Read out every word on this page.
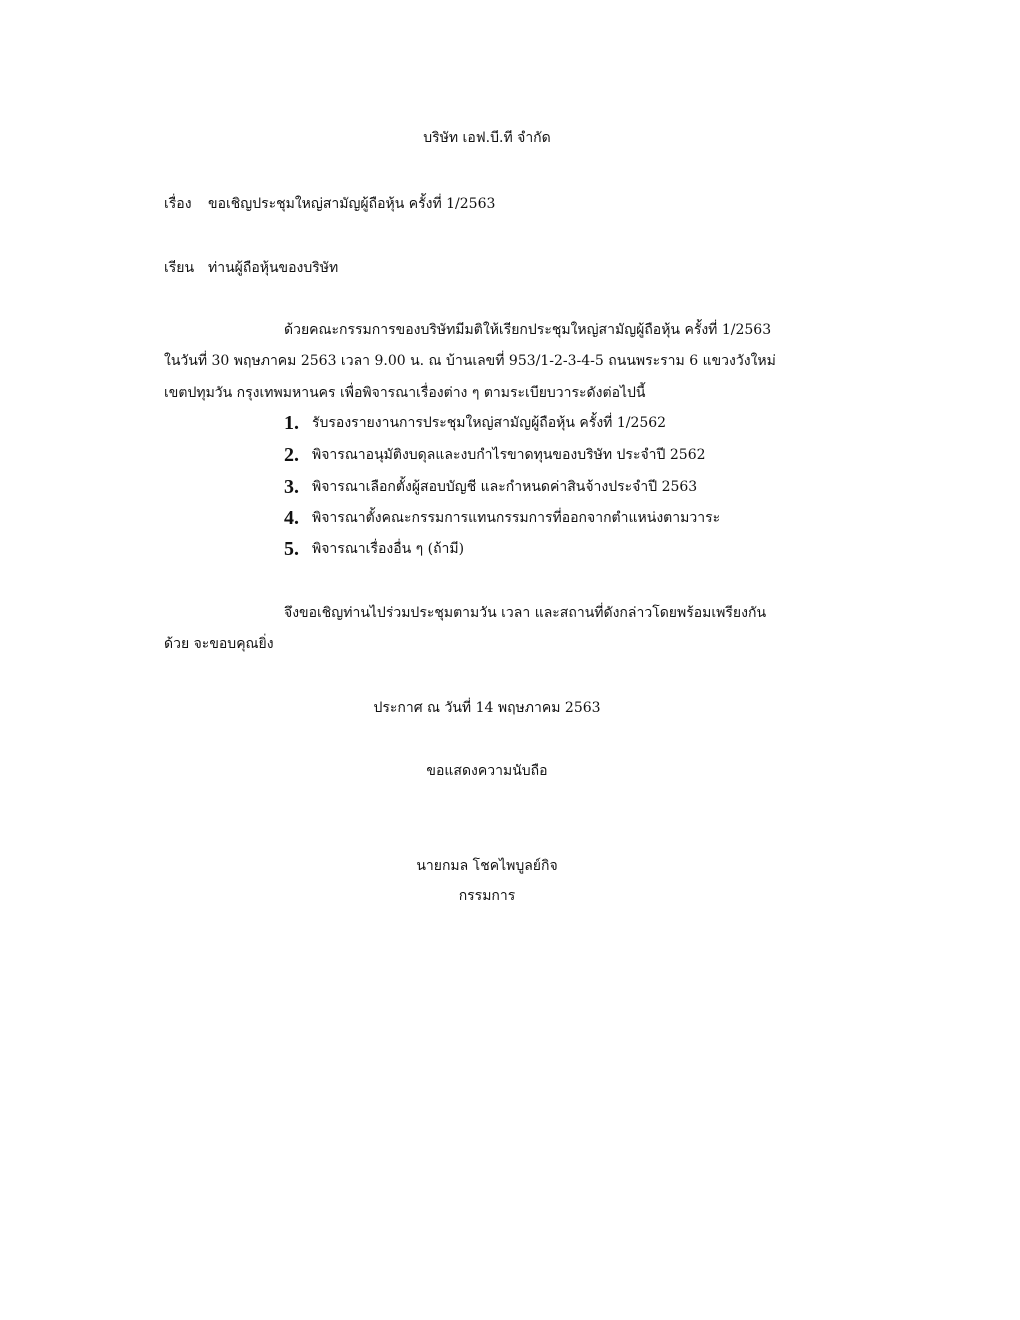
บริษัท เอฟ.บี.ที จำกัด
เรื่อง ขอเชิญประชุมใหญ่สามัญผู้ถือหุ้น ครั้งที่ 1/2563
เรียน ท่านผู้ถือหุ้นของบริษัท
ด้วยคณะกรรมการของบริษัทมีมติให้เรียกประชุมใหญ่สามัญผู้ถือหุ้น ครั้งที่ 1/2563
ในวันที่ 30 พฤษภาคม 2563 เวลา 9.00 น. ณ บ้านเลขที่ 953/1-2-3-4-5 ถนนพระราม 6 แขวงวังใหม่
เขตปทุมวัน กรุงเทพมหานคร เพื่อพิจารณาเรื่องต่าง ๆ ตามระเบียบวาระดังต่อไปนี้
1. รับรองรายงานการประชุมใหญ่สามัญผู้ถือหุ้น ครั้งที่ 1/2562
2. พิจารณาอนุมัติงบดุลและงบกำไรขาดทุนของบริษัท ประจำปี 2562
3. พิจารณาเลือกตั้งผู้สอบบัญชี และกำหนดค่าสินจ้างประจำปี 2563
4. พิจารณาตั้งคณะกรรมการแทนกรรมการที่ออกจากตำแหน่งตามวาระ
5. พิจารณาเรื่องอื่น ๆ (ถ้ามี)
จึงขอเชิญท่านไปร่วมประชุมตามวัน เวลา และสถานที่ดังกล่าวโดยพร้อมเพรียงกัน
ด้วย จะขอบคุณยิ่ง
ประกาศ ณ วันที่ 14 พฤษภาคม 2563
ขอแสดงความนับถือ
นายกมล โชคไพบูลย์กิจ
กรรมการ
